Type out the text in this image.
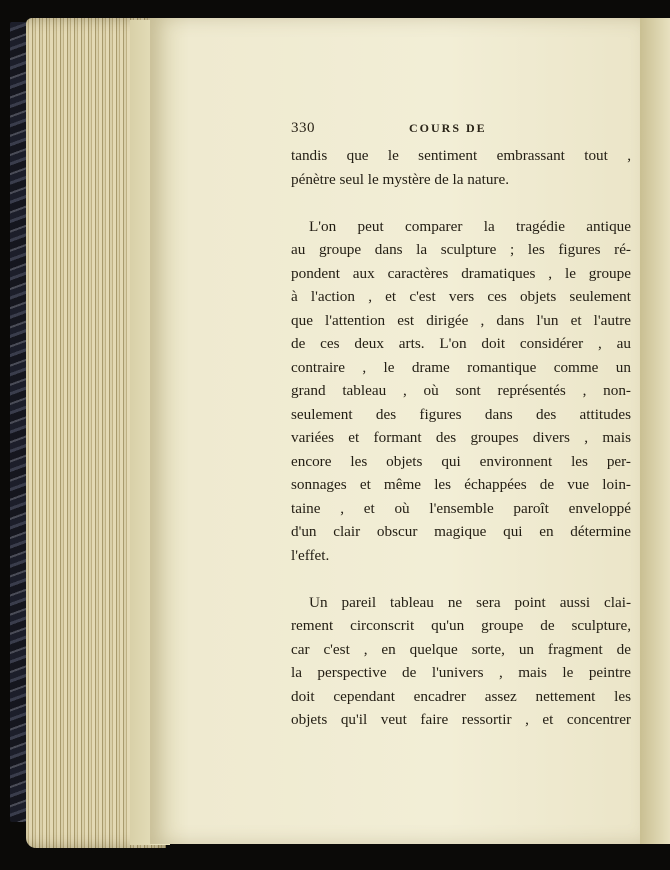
330	COURS DE

tandis que le sentiment embrassant tout ,
pénètre seul le mystère de la nature.

L'on peut comparer la tragédie antique
au groupe dans la sculpture ; les figures ré-
pondent aux caractères dramatiques , le groupe
à l'action , et c'est vers ces objets seulement
que l'attention est dirigée , dans l'un et l'autre
de ces deux arts. L'on doit considérer , au
contraire , le drame romantique comme un
grand tableau , où sont représentés , non-
seulement des figures dans des attitudes
variées et formant des groupes divers , mais
encore les objets qui environnent les per-
sonnages et même les échappées de vue loin-
taine , et où l'ensemble paroît enveloppé
d'un clair obscur magique qui en détermine
l'effet.

Un pareil tableau ne sera point aussi clai-
rement circonscrit qu'un groupe de sculpture,
car c'est , en quelque sorte, un fragment de
la perspective de l'univers , mais le peintre
doit cependant encadrer assez nettement les
objets qu'il veut faire ressortir , et concentrer
